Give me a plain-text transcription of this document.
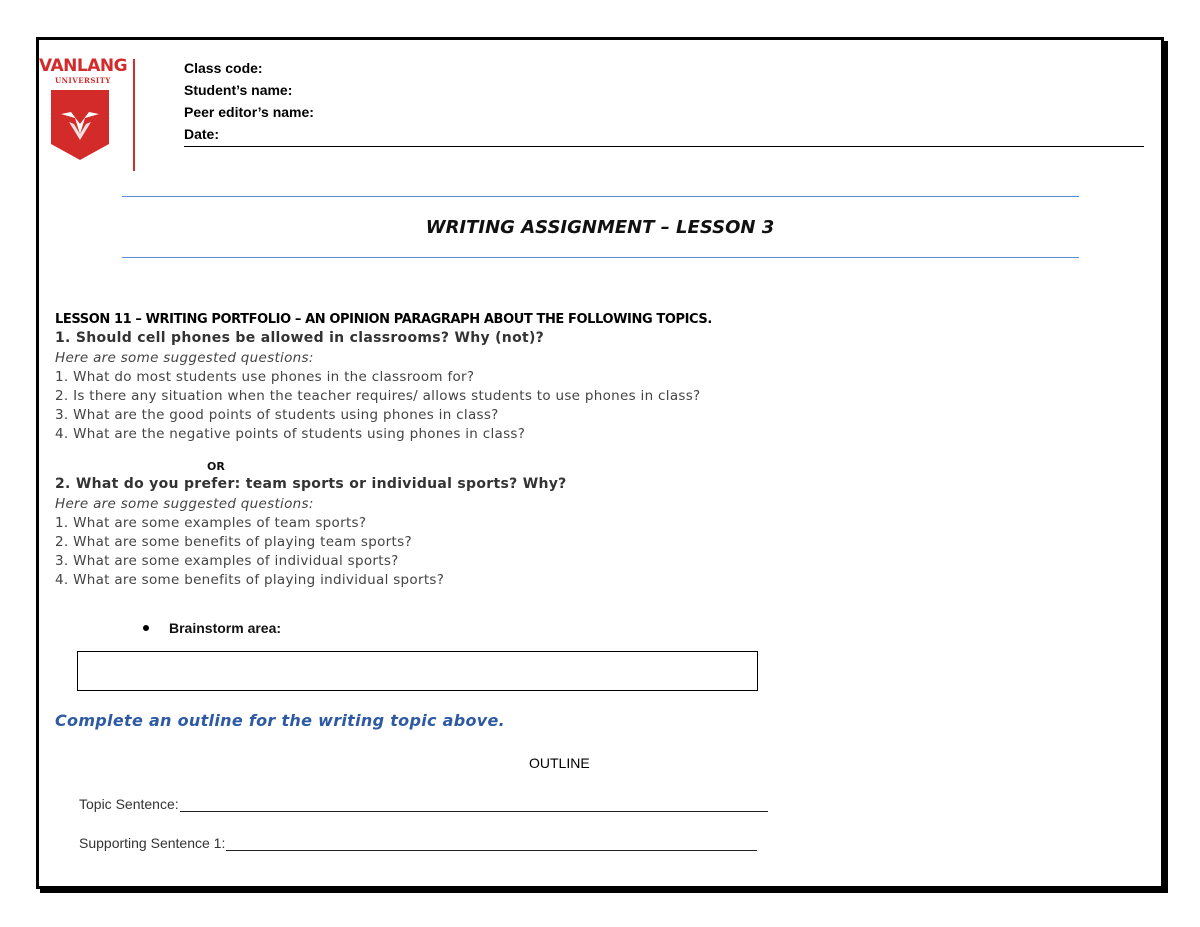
VANLANG
UNIVERSITY
Class code:
Student’s name:
Peer editor’s name:
Date:
WRITING ASSIGNMENT – LESSON 3
LESSON 11 – WRITING PORTFOLIO – AN OPINION PARAGRAPH ABOUT THE FOLLOWING TOPICS.
1. Should cell phones be allowed in classrooms? Why (not)?
Here are some suggested questions:
1. What do most students use phones in the classroom for?
2. Is there any situation when the teacher requires/ allows students to use phones in class?
3. What are the good points of students using phones in class?
4. What are the negative points of students using phones in class?
OR
2. What do you prefer: team sports or individual sports? Why?
Here are some suggested questions:
1. What are some examples of team sports?
2. What are some benefits of playing team sports?
3. What are some examples of individual sports?
4. What are some benefits of playing individual sports?
Brainstorm area:
Complete an outline for the writing topic above.
OUTLINE
Topic Sentence:
Supporting Sentence 1:
